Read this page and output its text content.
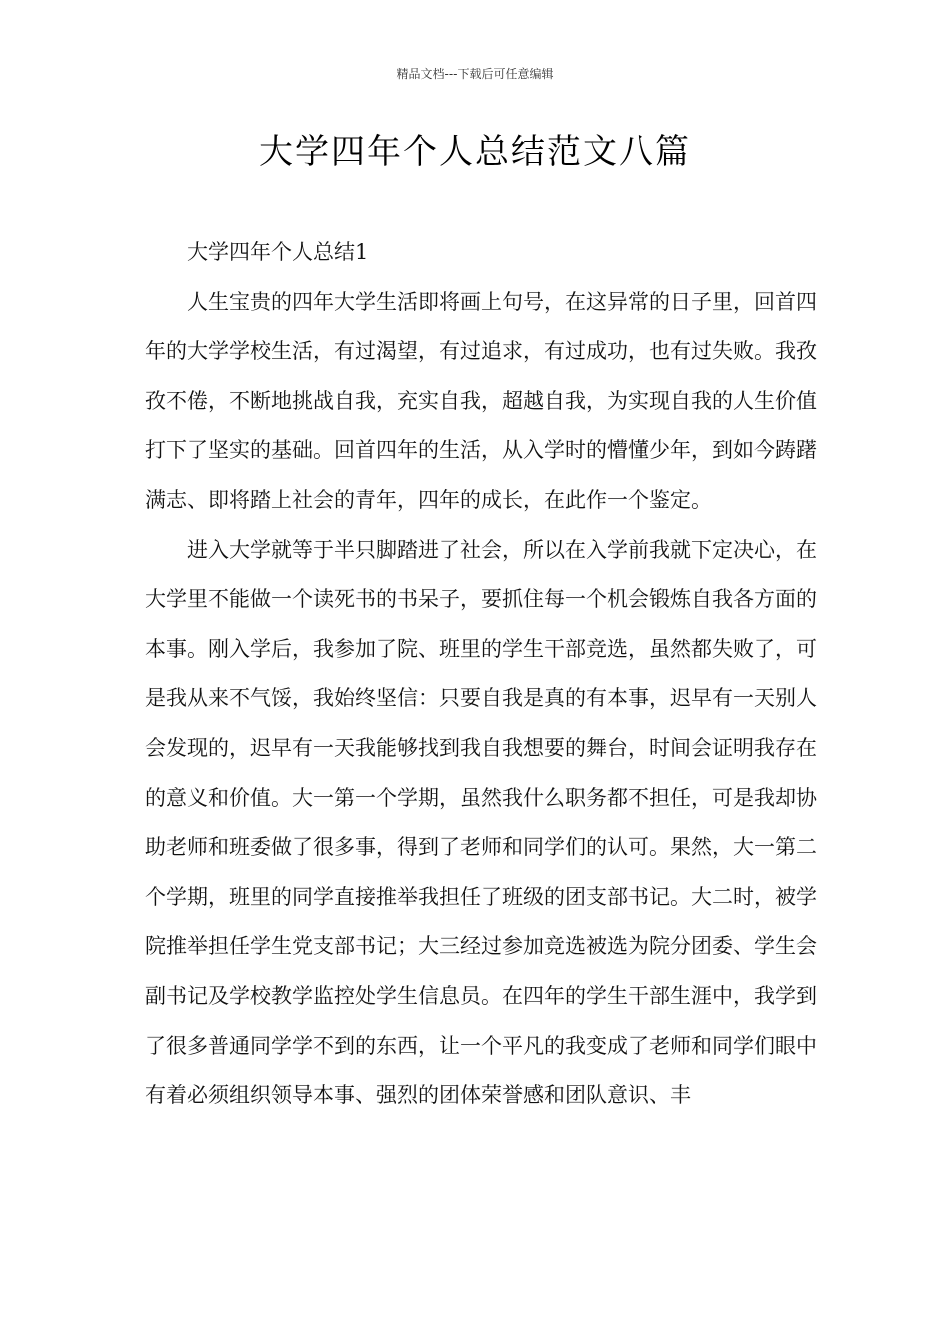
精品文档---下载后可任意编辑
大学四年个人总结范文八篇

大学四年个人总结1

人生宝贵的四年大学生活即将画上句号，在这异常的日子里，回首四年的大学学校生活，有过渴望，有过追求，有过成功，也有过失败。我孜孜不倦，不断地挑战自我，充实自我，超越自我，为实现自我的人生价值打下了坚实的基础。回首四年的生活，从入学时的懵懂少年，到如今踌躇满志、即将踏上社会的青年，四年的成长，在此作一个鉴定。

进入大学就等于半只脚踏进了社会，所以在入学前我就下定决心，在大学里不能做一个读死书的书呆子，要抓住每一个机会锻炼自我各方面的本事。刚入学后，我参加了院、班里的学生干部竞选，虽然都失败了，可是我从来不气馁，我始终坚信：只要自我是真的有本事，迟早有一天别人会发现的，迟早有一天我能够找到我自我想要的舞台，时间会证明我存在的意义和价值。大一第一个学期，虽然我什么职务都不担任，可是我却协助老师和班委做了很多事，得到了老师和同学们的认可。果然，大一第二个学期，班里的同学直接推举我担任了班级的团支部书记。大二时，被学院推举担任学生党支部书记；大三经过参加竞选被选为院分团委、学生会副书记及学校教学监控处学生信息员。在四年的学生干部生涯中，我学到了很多普通同学学不到的东西，让一个平凡的我变成了老师和同学们眼中有着必须组织领导本事、强烈的团体荣誉感和团队意识、丰
